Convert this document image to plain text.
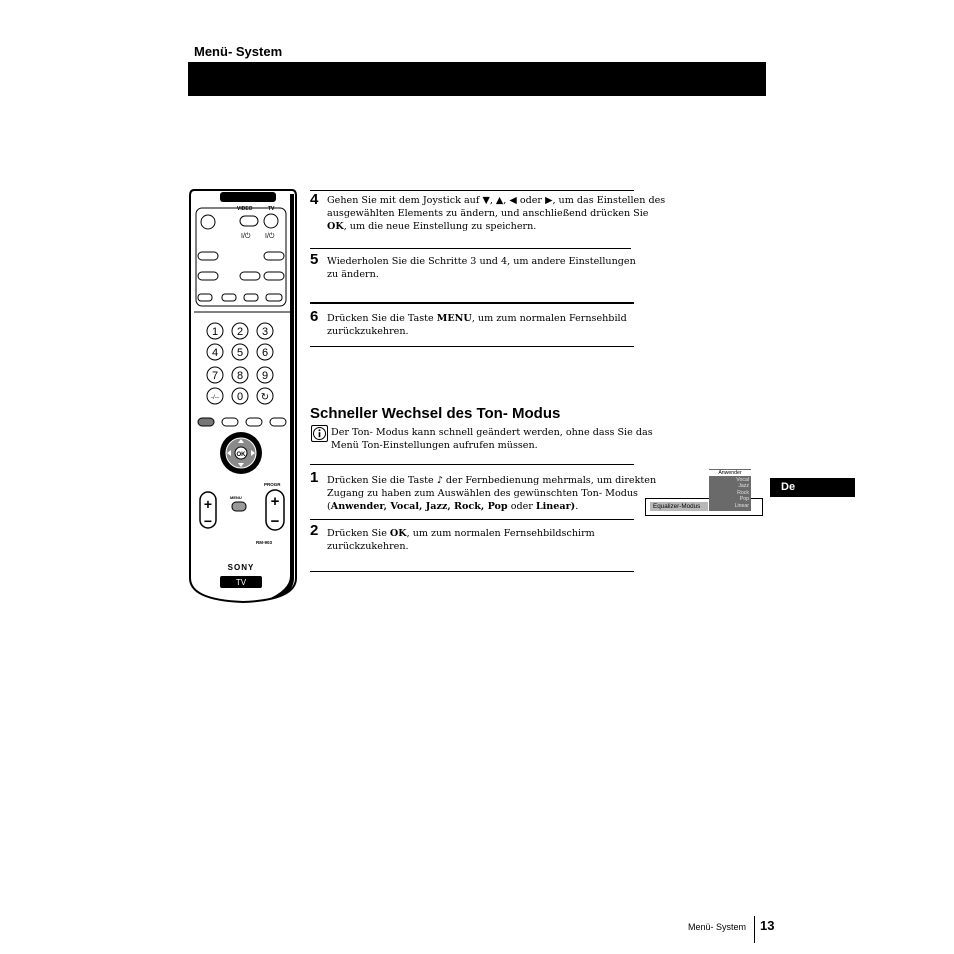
Menü- System
VIDEO	TV
I/⏻ I/⏻
1 2 3
4 5 6
7 8 9
-/-- 0 ↻
OK
+
−
MENU
PROGR
+
−
RM-903
SONY
TV
4 Gehen Sie mit dem Joystick auf ▼, ▲, ◀ oder ▶, um das Einstellen des
ausgewählten Elements zu ändern, und anschließend drücken Sie
OK, um die neue Einstellung zu speichern.
5 Wiederholen Sie die Schritte 3 und 4, um andere Einstellungen
zu ändern.
6 Drücken Sie die Taste MENU, um zum normalen Fernsehbild
zurückzukehren.
Schneller Wechsel des Ton- Modus
Der Ton- Modus kann schnell geändert werden, ohne dass Sie das
Menü Ton-Einstellungen aufrufen müssen.
1 Drücken Sie die Taste ♪ der Fernbedienung mehrmals, um direkten
Zugang zu haben zum Auswählen des gewünschten Ton- Modus
(Anwender, Vocal, Jazz, Rock, Pop oder Linear).
2 Drücken Sie OK, um zum normalen Fernsehbildschirm
zurückzukehren.
De
Equalizer-Modus
Anwender
Vocal
Jazz
Rock
Pop
Linear
Menü- System 13
